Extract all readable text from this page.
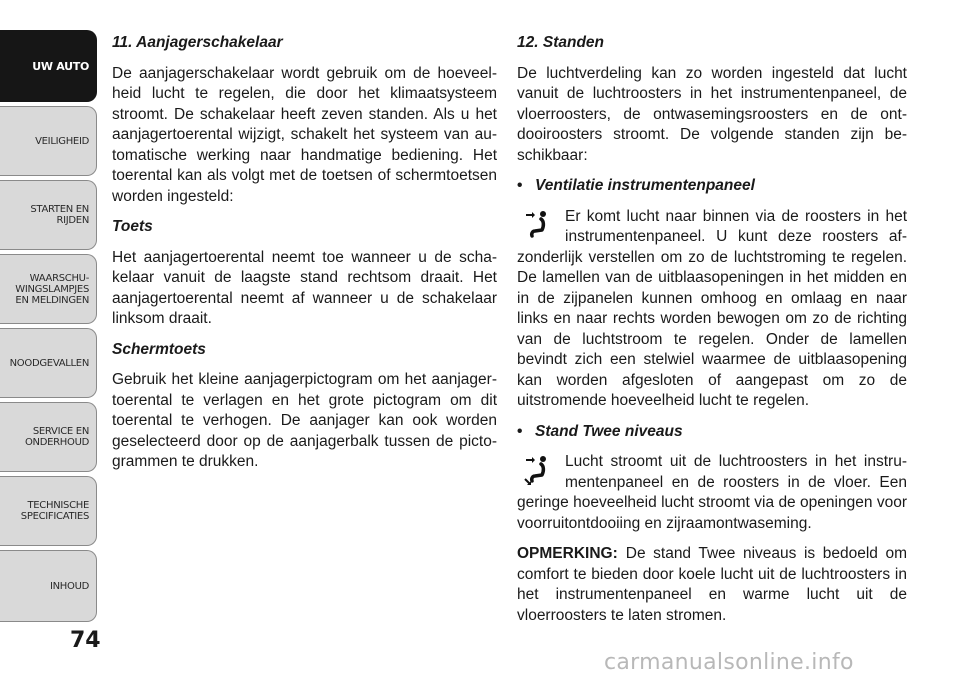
UW AUTO
VEILIGHEID
STARTEN EN
RIJDEN
WAARSCHU-
WINGSLAMPJES
EN MELDINGEN
NOODGEVALLEN
SERVICE EN
ONDERHOUD
TECHNISCHE
SPECIFICATIES
INHOUD
74

11. Aanjagerschakelaar

De aanjagerschakelaar wordt gebruik om de hoeveelheid lucht te regelen, die door het klimaatsysteem stroomt. De schakelaar heeft zeven standen. Als u het aanjagertoerental wijzigt, schakelt het systeem van automatische werking naar handmatige bediening. Het toerental kan als volgt met de toetsen of schermtoetsen worden ingesteld:

Toets

Het aanjagertoerental neemt toe wanneer u de schakelaar vanuit de laagste stand rechtsom draait. Het aanjagertoerental neemt af wanneer u de schakelaar linksom draait.

Schermtoets

Gebruik het kleine aanjagerpictogram om het aanjagertoerental te verlagen en het grote pictogram om dit toerental te verhogen. De aanjager kan ook worden geselecteerd door op de aanjagerbalk tussen de pictogrammen te drukken.

12. Standen

De luchtverdeling kan zo worden ingesteld dat lucht vanuit de luchtroosters in het instrumentenpaneel, de vloerroosters, de ontwasemingsroosters en de ontdooiroosters stroomt. De volgende standen zijn beschikbaar:

• Ventilatie instrumentenpaneel

Er komt lucht naar binnen via de roosters in het instrumentenpaneel. U kunt deze roosters afzonderlijk verstellen om zo de luchtstroming te regelen. De lamellen van de uitblaasopeningen in het midden en in de zijpanelen kunnen omhoog en omlaag en naar links en naar rechts worden bewogen om zo de richting van de luchtstroom te regelen. Onder de lamellen bevindt zich een stelwiel waarmee de uitblaasopening kan worden afgesloten of aangepast om zo de uitstromende hoeveelheid lucht te regelen.

• Stand Twee niveaus

Lucht stroomt uit de luchtroosters in het instrumentenpaneel en de roosters in de vloer. Een geringe hoeveelheid lucht stroomt via de openingen voor voorruitontdooiing en zijraamontwaseming.

OPMERKING: De stand Twee niveaus is bedoeld om comfort te bieden door koele lucht uit de luchtroosters in het instrumentenpaneel en warme lucht uit de vloerroosters te laten stromen.

carmanualsonline.info
